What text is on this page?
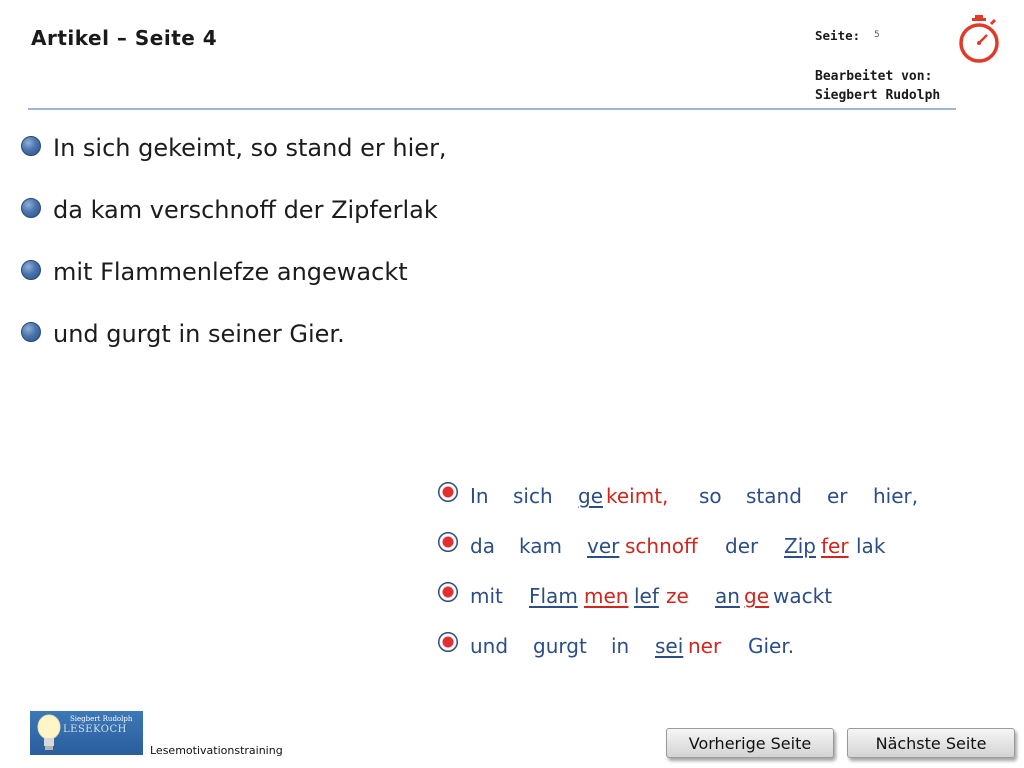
Artikel – Seite 4	Seite: 5
Bearbeitet von:
Siegbert Rudolph
In sich gekeimt, so stand er hier,
da kam verschnoff der Zipferlak
mit Flammenlefze angewackt
und gurgt in seiner Gier.
In sich ge keimt, so stand er hier,
da kam ver schnoff der Zip fer lak
mit Flam men lef ze an ge wackt
und gurgt in sei ner Gier.
Siegbert Rudolph
LESEKOCH
Lesemotivationstraining	Vorherige Seite	Nächste Seite
